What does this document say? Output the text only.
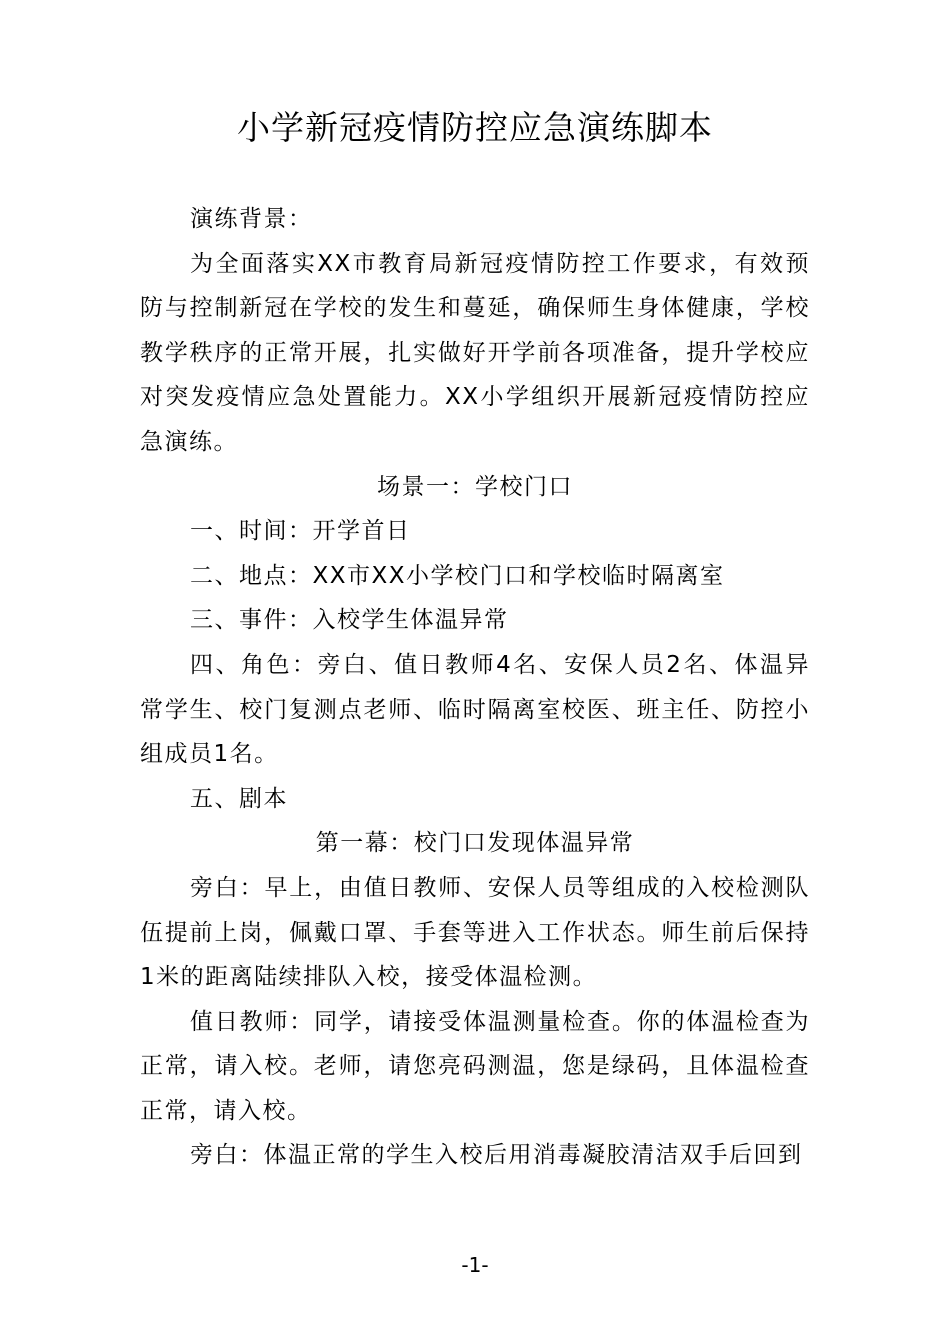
小学新冠疫情防控应急演练脚本

演练背景：

为全面落实XX市教育局新冠疫情防控工作要求，有效预防与控制新冠在学校的发生和蔓延，确保师生身体健康，学校教学秩序的正常开展，扎实做好开学前各项准备，提升学校应对突发疫情应急处置能力。XX小学组织开展新冠疫情防控应急演练。

场景一：学校门口

一、时间：开学首日

二、地点：XX市XX小学校门口和学校临时隔离室

三、事件：入校学生体温异常

四、角色：旁白、值日教师4名、安保人员2名、体温异常学生、校门复测点老师、临时隔离室校医、班主任、防控小组成员1名。

五、剧本

第一幕：校门口发现体温异常

旁白：早上，由值日教师、安保人员等组成的入校检测队伍提前上岗，佩戴口罩、手套等进入工作状态。师生前后保持1米的距离陆续排队入校，接受体温检测。

值日教师：同学，请接受体温测量检查。你的体温检查为正常，请入校。老师，请您亮码测温，您是绿码，且体温检查正常，请入校。

旁白：体温正常的学生入校后用消毒凝胶清洁双手后回到

-1-
